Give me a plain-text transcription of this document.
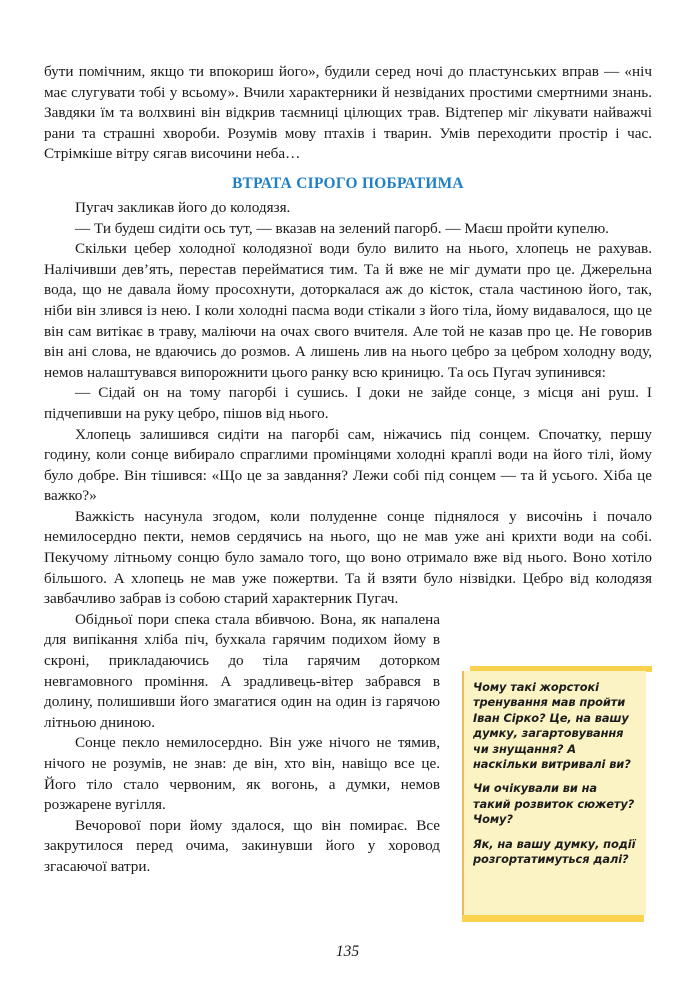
бути помічним, якщо ти впокориш його», будили серед ночі до пластунських вправ — «ніч має слугувати тобі у всьому». Вчили характерники й незвіданих простими смертними знань. Завдяки їм та волхвині він відкрив таємниці цілющих трав. Відтепер міг лікувати найважчі рани та страшні хвороби. Розумів мову птахів і тварин. Умів переходити простір і час. Стрімкіше вітру сягав височини неба…

ВТРАТА СІРОГО ПОБРАТИМА

Пугач закликав його до колодязя.

— Ти будеш сидіти ось тут, — вказав на зелений пагорб. — Маєш пройти купелю.

Скільки цебер холодної колодязної води було вилито на нього, хлопець не рахував. Налічивши дев’ять, перестав перейматися тим. Та й вже не міг думати про це. Джерельна вода, що не давала йому просохнути, доторкалася аж до кісток, стала частиною його, так, ніби він злився із нею. І коли холодні пасма води стікали з його тіла, йому видавалося, що це він сам витікає в траву, маліючи на очах свого вчителя. Але той не казав про це. Не говорив він ані слова, не вдаючись до розмов. А лишень лив на нього цебро за цебром холодну воду, немов налаштувався випорожнити цього ранку всю криницю. Та ось Пугач зупинився:

— Сідай он на тому пагорбі і сушись. І доки не зайде сонце, з місця ані руш. І підчепивши на руку цебро, пішов від нього.

Хлопець залишився сидіти на пагорбі сам, ніжачись під сонцем. Спочатку, першу годину, коли сонце вибирало спраглими промінцями холодні краплі води на його тілі, йому було добре. Він тішився: «Що це за завдання? Лежи собі під сонцем — та й усього. Хіба це важко?»

Важкість насунула згодом, коли полуденне сонце піднялося у височінь і почало немилосердно пекти, немов сердячись на нього, що не мав уже ані крихти води на собі. Пекучому літньому сонцю було замало того, що воно отримало вже від нього. Воно хотіло більшого. А хлопець не мав уже пожертви. Та й взяти було нізвідки. Цебро від колодязя завбачливо забрав із собою старий характерник Пугач.

Обідньої пори спека стала вбивчою. Вона, як напалена для випікання хліба піч, бухкала гарячим подихом йому в скроні, прикладаючись до тіла гарячим доторком невгамовного проміння. А зрадливець-вітер забрався в долину, полишивши його змагатися один на один із гарячою літньою дниною.

Сонце пекло немилосердно. Він уже нічого не тямив, нічого не розумів, не знав: де він, хто він, навіщо все це. Його тіло стало червоним, як вогонь, а думки, немов розжарене вугілля.

Вечорової пори йому здалося, що він помирає. Все закрутилося перед очима, закинувши його у хоровод згасаючої ватри.

Чому такі жорстокі тренування мав пройти Іван Сірко? Це, на вашу думку, загартовування чи знущання? А наскільки витривалі ви?

Чи очікували ви на такий розвиток сюжету? Чому?

Як, на вашу думку, події розгортатимуться далі?

135
